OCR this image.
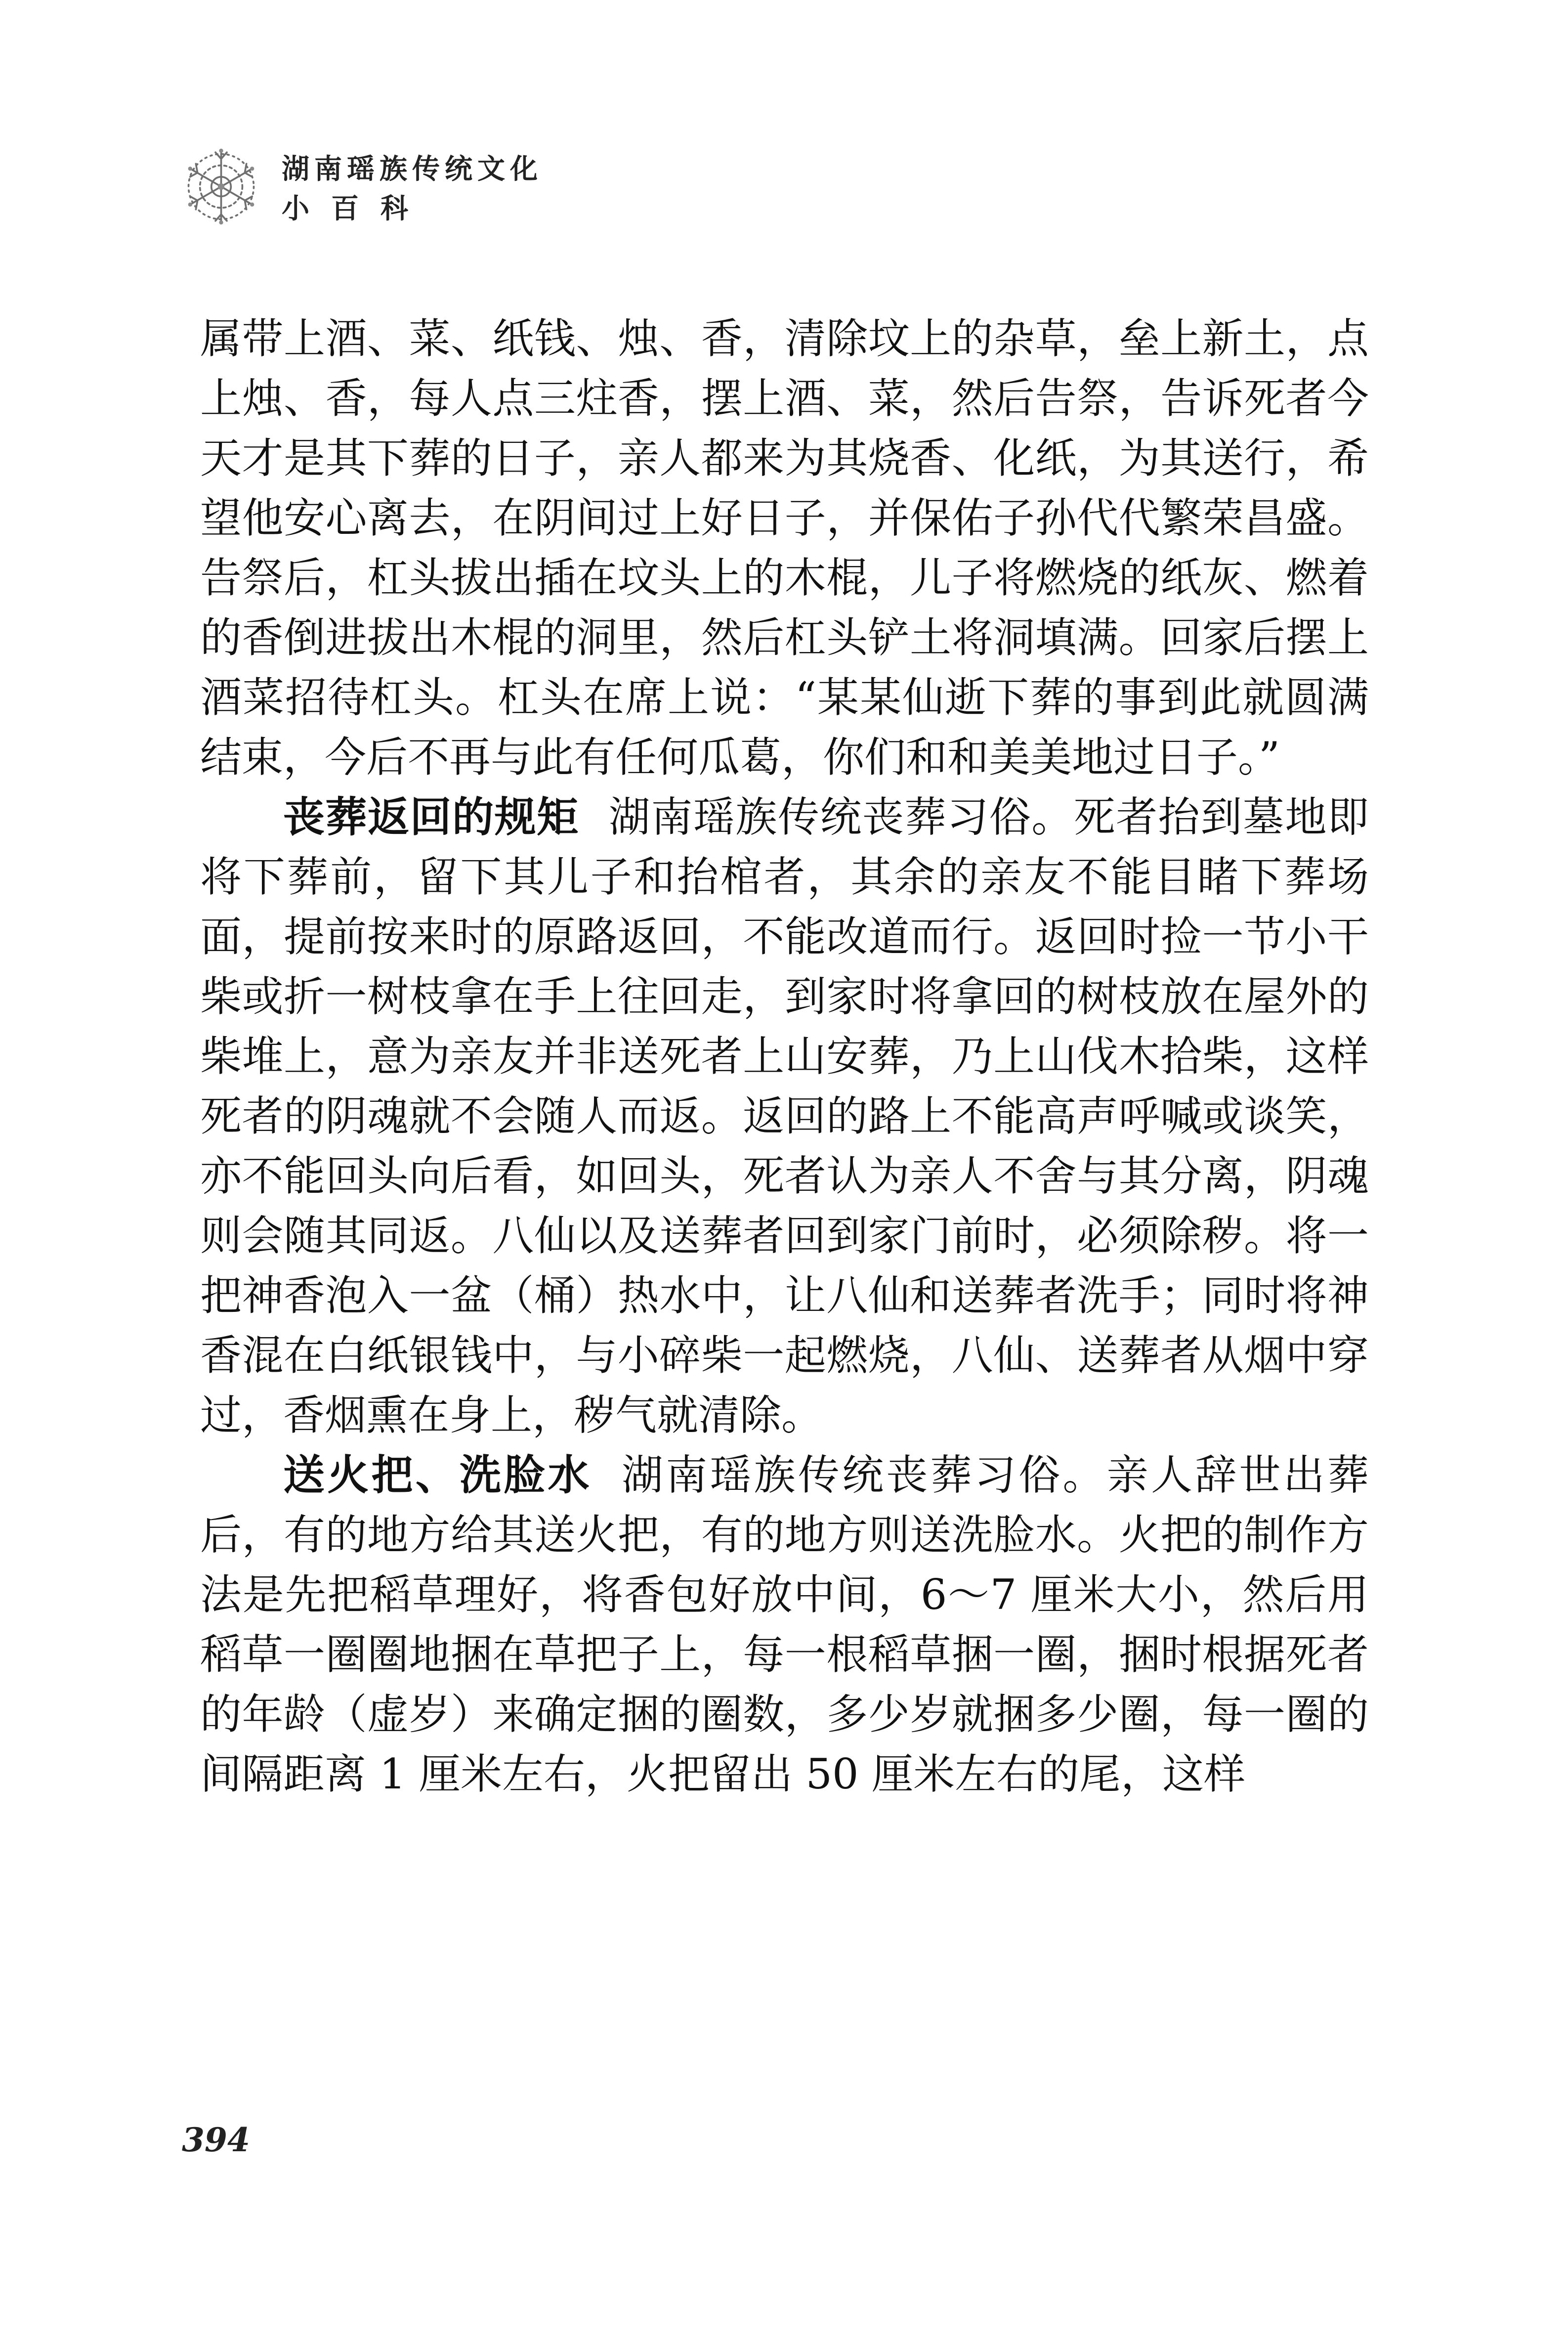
湖南瑶族传统文化
小百科

属带上酒、菜、纸钱、烛、香，清除坟上的杂草，垒上新土，点上烛、香，每人点三炷香，摆上酒、菜，然后告祭，告诉死者今天才是其下葬的日子，亲人都来为其烧香、化纸，为其送行，希望他安心离去，在阴间过上好日子，并保佑子孙代代繁荣昌盛。告祭后，杠头拔出插在坟头上的木棍，儿子将燃烧的纸灰、燃着的香倒进拔出木棍的洞里，然后杠头铲土将洞填满。回家后摆上酒菜招待杠头。杠头在席上说：“某某仙逝下葬的事到此就圆满结束，今后不再与此有任何瓜葛，你们和和美美地过日子。”

丧葬返回的规矩 湖南瑶族传统丧葬习俗。死者抬到墓地即将下葬前，留下其儿子和抬棺者，其余的亲友不能目睹下葬场面，提前按来时的原路返回，不能改道而行。返回时捡一节小干柴或折一树枝拿在手上往回走，到家时将拿回的树枝放在屋外的柴堆上，意为亲友并非送死者上山安葬，乃上山伐木拾柴，这样死者的阴魂就不会随人而返。返回的路上不能高声呼喊或谈笑，亦不能回头向后看，如回头，死者认为亲人不舍与其分离，阴魂则会随其同返。八仙以及送葬者回到家门前时，必须除秽。将一把神香泡入一盆（桶）热水中，让八仙和送葬者洗手；同时将神香混在白纸银钱中，与小碎柴一起燃烧，八仙、送葬者从烟中穿过，香烟熏在身上，秽气就清除。

送火把、洗脸水 湖南瑶族传统丧葬习俗。亲人辞世出葬后，有的地方给其送火把，有的地方则送洗脸水。火把的制作方法是先把稻草理好，将香包好放中间，6～7 厘米大小，然后用稻草一圈圈地捆在草把子上，每一根稻草捆一圈，捆时根据死者的年龄（虚岁）来确定捆的圈数，多少岁就捆多少圈，每一圈的间隔距离 1 厘米左右，火把留出 50 厘米左右的尾，这样

394
